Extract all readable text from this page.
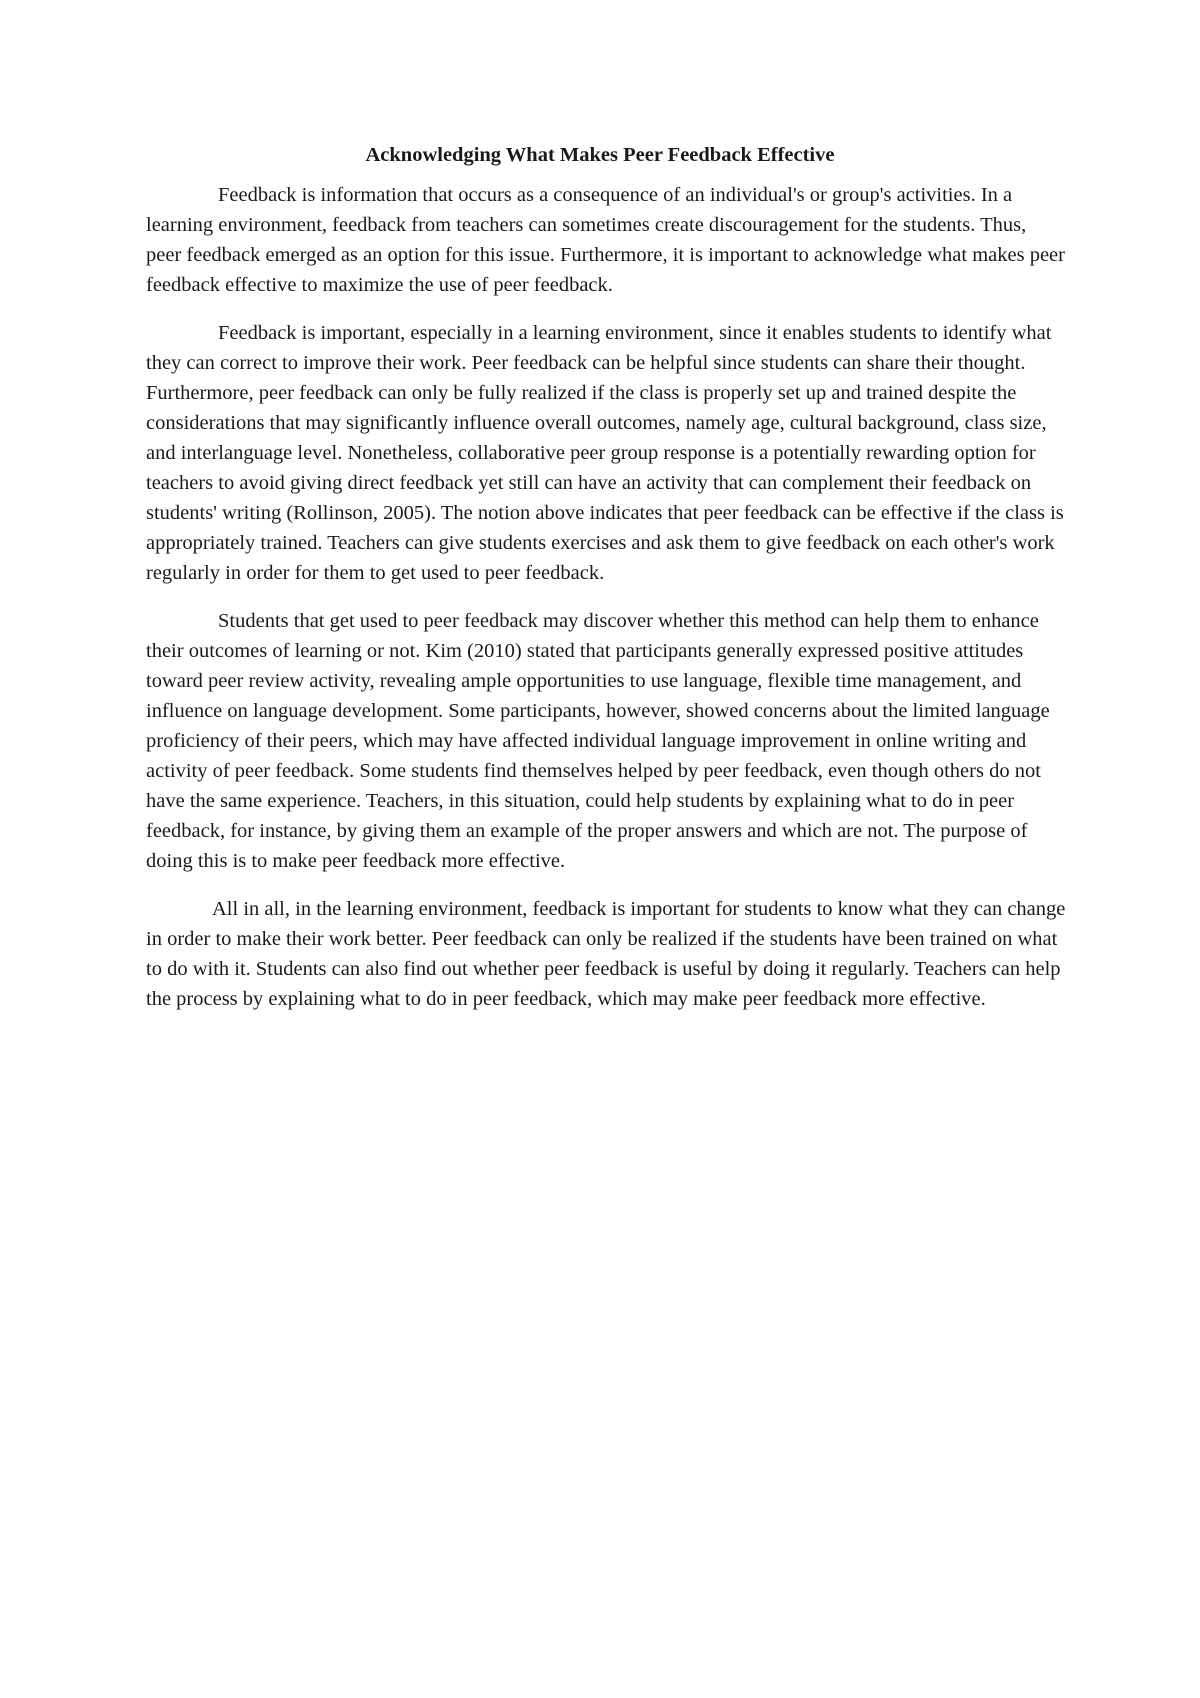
Acknowledging What Makes Peer Feedback Effective

Feedback is information that occurs as a consequence of an individual's or group's activities. In a learning environment, feedback from teachers can sometimes create discouragement for the students. Thus, peer feedback emerged as an option for this issue. Furthermore, it is important to acknowledge what makes peer feedback effective to maximize the use of peer feedback.

Feedback is important, especially in a learning environment, since it enables students to identify what they can correct to improve their work. Peer feedback can be helpful since students can share their thought. Furthermore, peer feedback can only be fully realized if the class is properly set up and trained despite the considerations that may significantly influence overall outcomes, namely age, cultural background, class size, and interlanguage level. Nonetheless, collaborative peer group response is a potentially rewarding option for teachers to avoid giving direct feedback yet still can have an activity that can complement their feedback on students' writing (Rollinson, 2005). The notion above indicates that peer feedback can be effective if the class is appropriately trained. Teachers can give students exercises and ask them to give feedback on each other's work regularly in order for them to get used to peer feedback.

Students that get used to peer feedback may discover whether this method can help them to enhance their outcomes of learning or not. Kim (2010) stated that participants generally expressed positive attitudes toward peer review activity, revealing ample opportunities to use language, flexible time management, and influence on language development. Some participants, however, showed concerns about the limited language proficiency of their peers, which may have affected individual language improvement in online writing and activity of peer feedback. Some students find themselves helped by peer feedback, even though others do not have the same experience. Teachers, in this situation, could help students by explaining what to do in peer feedback, for instance, by giving them an example of the proper answers and which are not. The purpose of doing this is to make peer feedback more effective.

All in all, in the learning environment, feedback is important for students to know what they can change in order to make their work better. Peer feedback can only be realized if the students have been trained on what to do with it. Students can also find out whether peer feedback is useful by doing it regularly. Teachers can help the process by explaining what to do in peer feedback, which may make peer feedback more effective.
